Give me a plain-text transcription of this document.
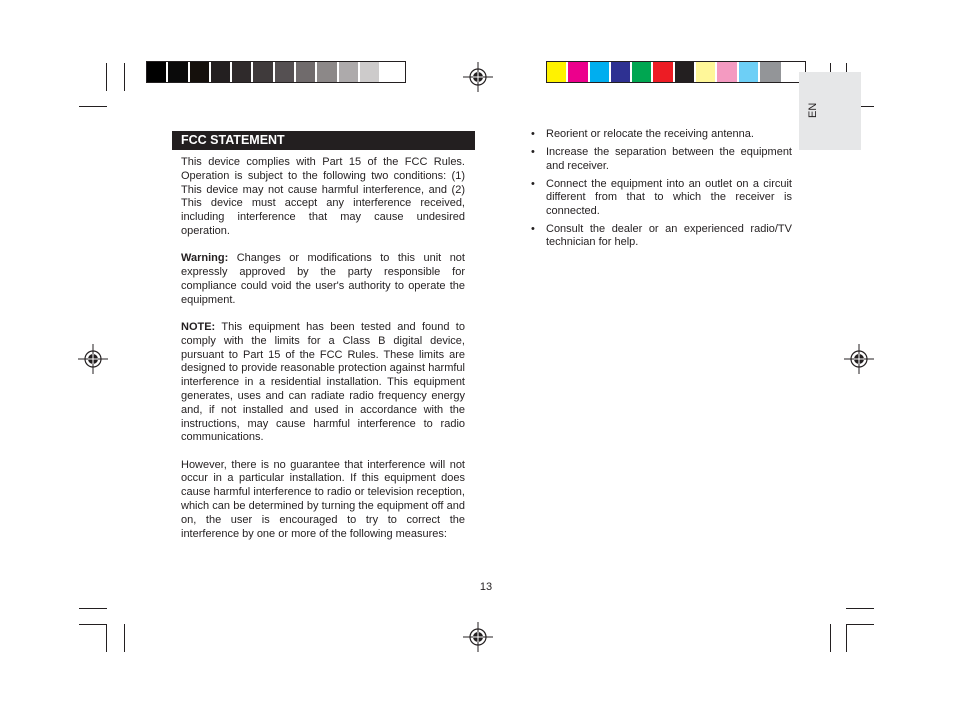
EN
FCC STATEMENT

This device complies with Part 15 of the FCC Rules. Operation is subject to the following two conditions: (1) This device may not cause harmful interference, and (2) This device must accept any interference received, including interference that may cause undesired operation.

Warning: Changes or modifications to this unit not expressly approved by the party responsible for compliance could void the user's authority to operate the equipment.

NOTE: This equipment has been tested and found to comply with the limits for a Class B digital device, pursuant to Part 15 of the FCC Rules. These limits are designed to provide reasonable protection against harmful interference in a residential installation. This equipment generates, uses and can radiate radio frequency energy and, if not installed and used in accordance with the instructions, may cause harmful interference to radio communications.

However, there is no guarantee that interference will not occur in a particular installation. If this equipment does cause harmful interference to radio or television reception, which can be determined by turning the equipment off and on, the user is encouraged to try to correct the interference by one or more of the following measures:

• Reorient or relocate the receiving antenna.
• Increase the separation between the equipment and receiver.
• Connect the equipment into an outlet on a circuit different from that to which the receiver is connected.
• Consult the dealer or an experienced radio/TV technician for help.
13
